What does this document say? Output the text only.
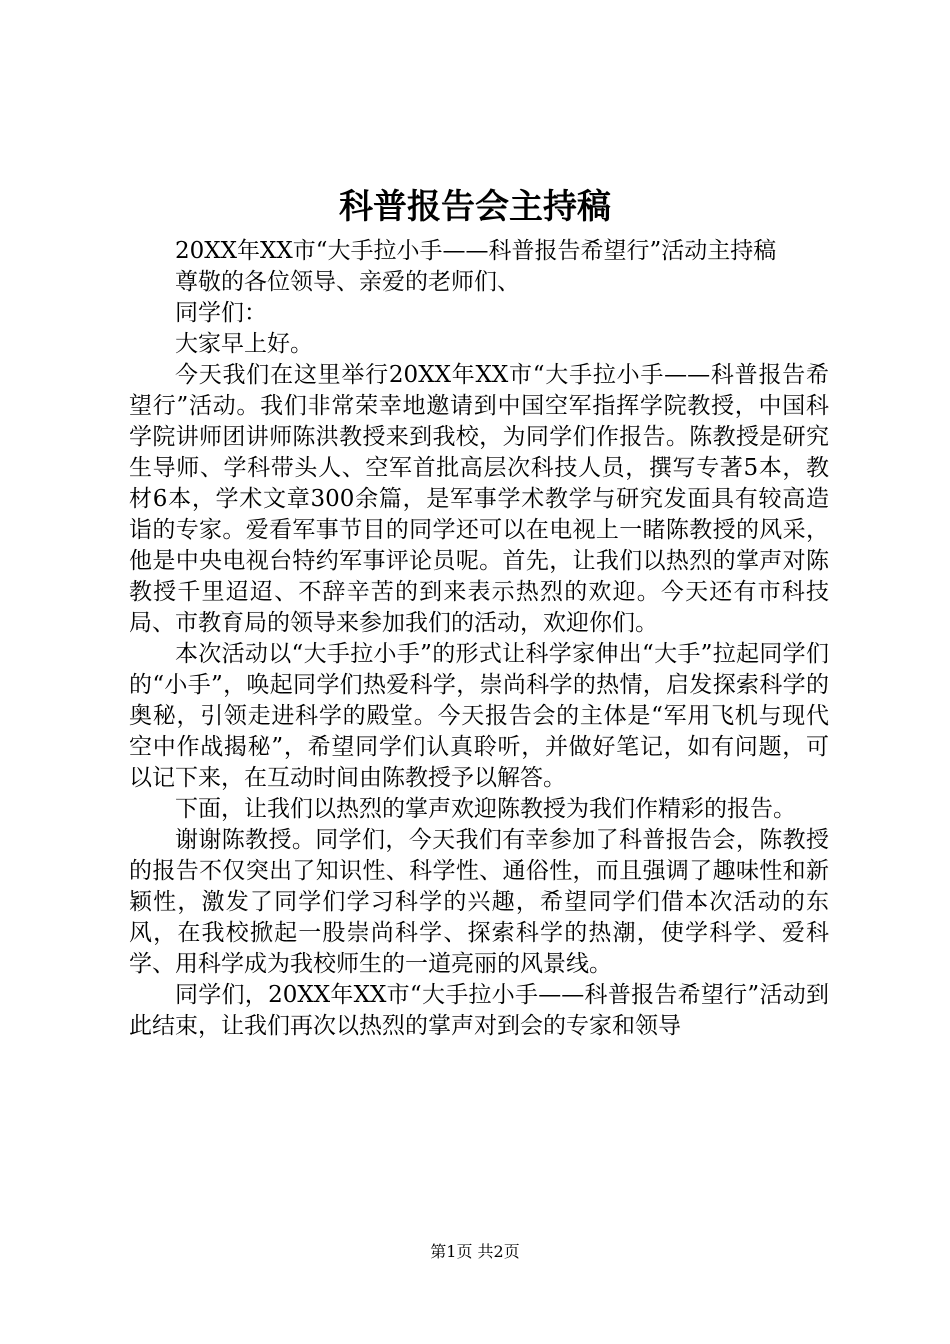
科普报告会主持稿

20XX年XX市“大手拉小手——科普报告希望行”活动主持稿

尊敬的各位领导、亲爱的老师们、

同学们：

大家早上好。

今天我们在这里举行20XX年XX市“大手拉小手——科普报告希望行”活动。我们非常荣幸地邀请到中国空军指挥学院教授，中国科学院讲师团讲师陈洪教授来到我校，为同学们作报告。陈教授是研究生导师、学科带头人、空军首批高层次科技人员，撰写专著5本，教材6本，学术文章300余篇，是军事学术教学与研究发面具有较高造诣的专家。爱看军事节目的同学还可以在电视上一睹陈教授的风采，他是中央电视台特约军事评论员呢。首先，让我们以热烈的掌声对陈教授千里迢迢、不辞辛苦的到来表示热烈的欢迎。今天还有市科技局、市教育局的领导来参加我们的活动，欢迎你们。

本次活动以“大手拉小手”的形式让科学家伸出“大手”拉起同学们的“小手”，唤起同学们热爱科学，崇尚科学的热情，启发探索科学的奥秘，引领走进科学的殿堂。今天报告会的主体是“军用飞机与现代空中作战揭秘”，希望同学们认真聆听，并做好笔记，如有问题，可以记下来，在互动时间由陈教授予以解答。

下面，让我们以热烈的掌声欢迎陈教授为我们作精彩的报告。

谢谢陈教授。同学们，今天我们有幸参加了科普报告会，陈教授的报告不仅突出了知识性、科学性、通俗性，而且强调了趣味性和新颖性，激发了同学们学习科学的兴趣，希望同学们借本次活动的东风，在我校掀起一股崇尚科学、探索科学的热潮，使学科学、爱科学、用科学成为我校师生的一道亮丽的风景线。

同学们，20XX年XX市“大手拉小手——科普报告希望行”活动到此结束，让我们再次以热烈的掌声对到会的专家和领导

第1页 共2页
